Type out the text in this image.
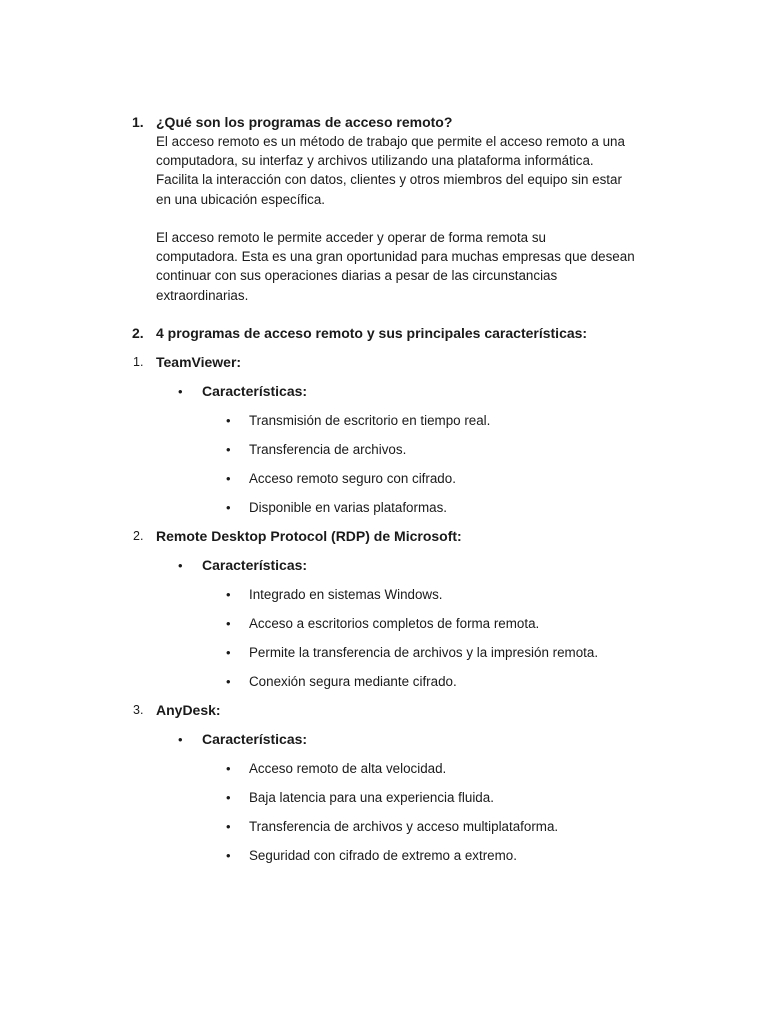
1. ¿Qué son los programas de acceso remoto?
El acceso remoto es un método de trabajo que permite el acceso remoto a una
computadora, su interfaz y archivos utilizando una plataforma informática.
Facilita la interacción con datos, clientes y otros miembros del equipo sin estar
en una ubicación específica.
El acceso remoto le permite acceder y operar de forma remota su
computadora. Esta es una gran oportunidad para muchas empresas que desean
continuar con sus operaciones diarias a pesar de las circunstancias
extraordinarias.
2. 4 programas de acceso remoto y sus principales características:
1. TeamViewer:
• Características:
• Transmisión de escritorio en tiempo real.
• Transferencia de archivos.
• Acceso remoto seguro con cifrado.
• Disponible en varias plataformas.
2. Remote Desktop Protocol (RDP) de Microsoft:
• Características:
• Integrado en sistemas Windows.
• Acceso a escritorios completos de forma remota.
• Permite la transferencia de archivos y la impresión remota.
• Conexión segura mediante cifrado.
3. AnyDesk:
• Características:
• Acceso remoto de alta velocidad.
• Baja latencia para una experiencia fluida.
• Transferencia de archivos y acceso multiplataforma.
• Seguridad con cifrado de extremo a extremo.
